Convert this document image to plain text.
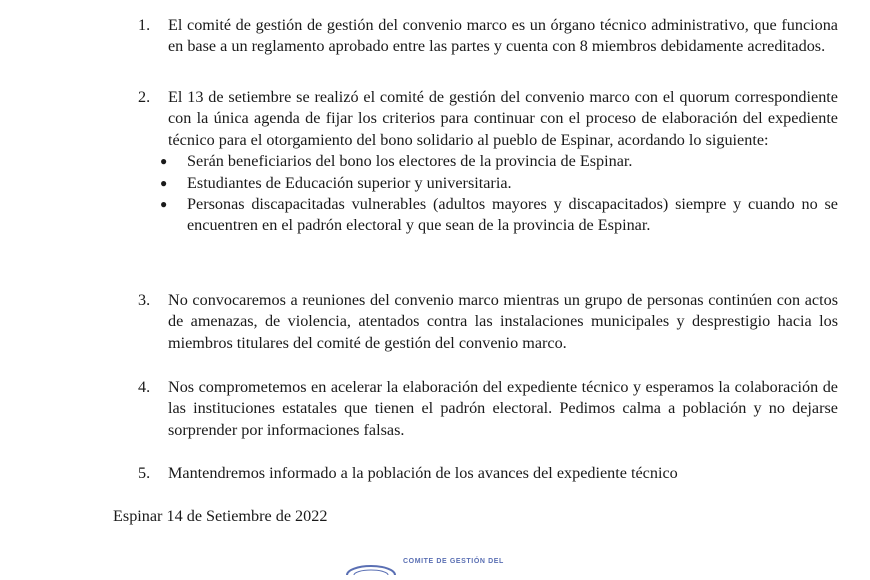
1.	El comité de gestión de gestión del convenio marco es un órgano técnico administrativo, que funciona en base a un reglamento aprobado entre las partes y cuenta con 8 miembros debidamente acreditados.
2.	El 13 de setiembre se realizó el comité de gestión del convenio marco con el quorum correspondiente con la única agenda de fijar los criterios para continuar con el proceso de elaboración del expediente técnico para el otorgamiento del bono solidario al pueblo de Espinar, acordando lo siguiente:
● Serán beneficiarios del bono los electores de la provincia de Espinar.
● Estudiantes de Educación superior y universitaria.
● Personas discapacitadas vulnerables (adultos mayores y discapacitados) siempre y cuando no se encuentren en el padrón electoral y que sean de la provincia de Espinar.
3.	No convocaremos a reuniones del convenio marco mientras un grupo de personas continúen con actos de amenazas, de violencia, atentados contra las instalaciones municipales y desprestigio hacia los miembros titulares del comité de gestión del convenio marco.
4.	Nos comprometemos en acelerar la elaboración del expediente técnico y esperamos la colaboración de las instituciones estatales que tienen el padrón electoral. Pedimos calma a población y no dejarse sorprender por informaciones falsas.
5.	Mantendremos informado a la población de los avances del expediente técnico
Espinar 14 de Setiembre de 2022
COMITE DE GESTIÓN DEL
